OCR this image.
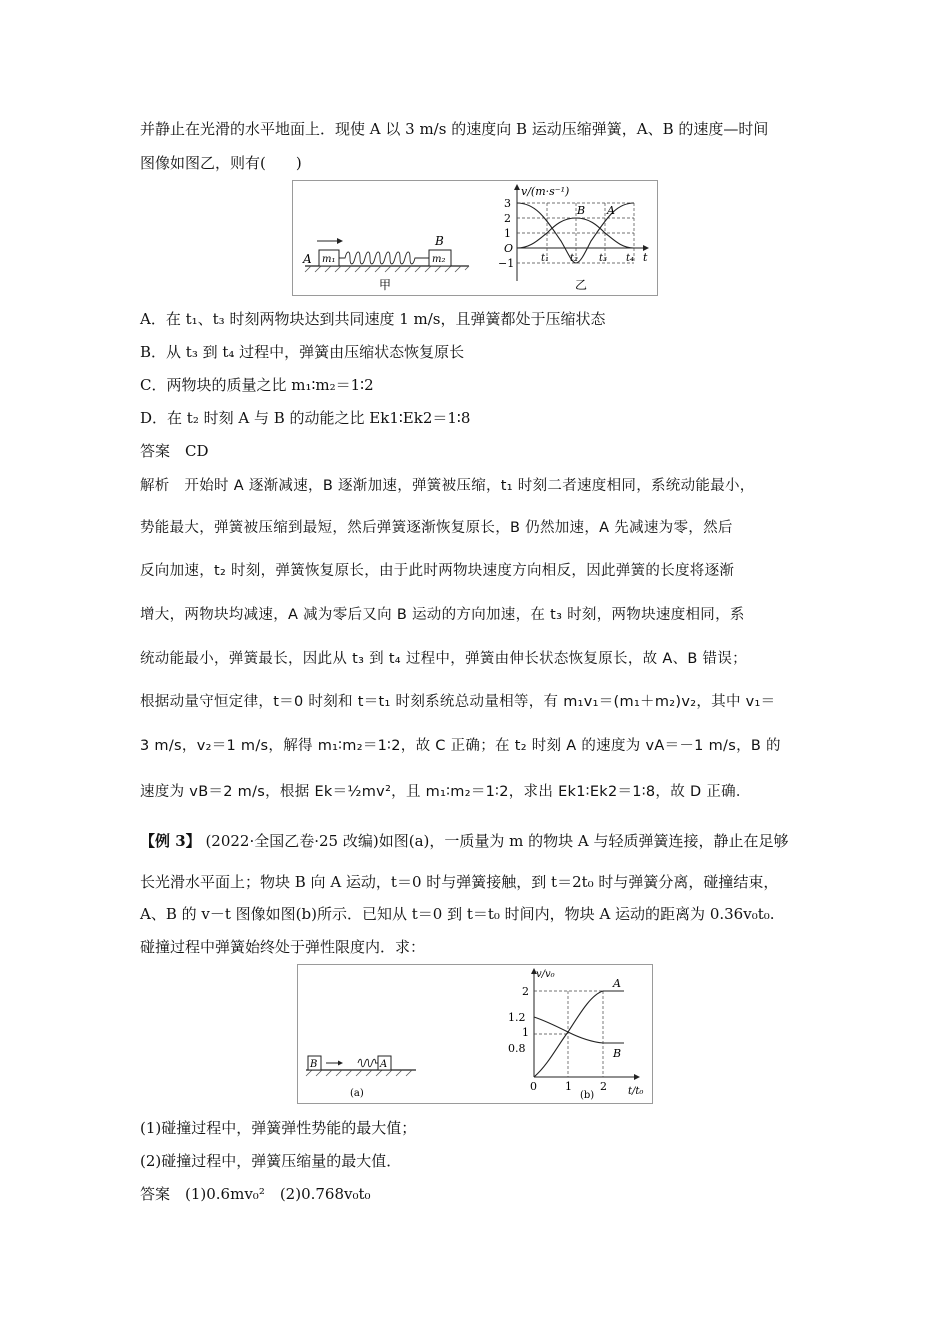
并静止在光滑的水平地面上．现使 A 以 3 m/s 的速度向 B 运动压缩弹簧，A、B 的速度—时间
图像如图乙，则有(　　)
A m₁	m₂
B
甲
v/(m·s⁻¹)
3
2
1
O
−1	t₁ t₂ t₃ t₄ t
B A
乙
A．在 t₁、t₃ 时刻两物块达到共同速度 1 m/s，且弹簧都处于压缩状态
B．从 t₃ 到 t₄ 过程中，弹簧由压缩状态恢复原长
C．两物块的质量之比 m₁∶m₂＝1∶2
D．在 t₂ 时刻 A 与 B 的动能之比 Ek1∶Ek2＝1∶8
答案　CD
解析　开始时 A 逐渐减速，B 逐渐加速，弹簧被压缩，t₁ 时刻二者速度相同，系统动能最小，
势能最大，弹簧被压缩到最短，然后弹簧逐渐恢复原长，B 仍然加速，A 先减速为零，然后
反向加速，t₂ 时刻，弹簧恢复原长，由于此时两物块速度方向相反，因此弹簧的长度将逐渐
增大，两物块均减速，A 减为零后又向 B 运动的方向加速，在 t₃ 时刻，两物块速度相同，系
统动能最小，弹簧最长，因此从 t₃ 到 t₄ 过程中，弹簧由伸长状态恢复原长，故 A、B 错误；
根据动量守恒定律，t＝0 时刻和 t＝t₁ 时刻系统总动量相等，有 m₁v₁＝(m₁＋m₂)v₂，其中 v₁＝
3 m/s，v₂＝1 m/s，解得 m₁∶m₂＝1∶2，故 C 正确；在 t₂ 时刻 A 的速度为 vA＝－1 m/s，B 的
速度为 vB＝2 m/s，根据 Ek＝½mv²，且 m₁∶m₂＝1∶2，求出 Ek1∶Ek2＝1∶8，故 D 正确．
【例 3】 (2022·全国乙卷·25 改编)如图(a)，一质量为 m 的物块 A 与轻质弹簧连接，静止在足够
长光滑水平面上；物块 B 向 A 运动，t＝0 时与弹簧接触，到 t＝2t₀ 时与弹簧分离，碰撞结束，
A、B 的 v－t 图像如图(b)所示．已知从 t＝0 到 t＝t₀ 时间内，物块 A 运动的距离为 0.36v₀t₀.
碰撞过程中弹簧始终处于弹性限度内．求：
B	A
(a)
v/v₀
2
1.2
1
0.8
0	1	2 t/t₀
A
B
(b)
(1)碰撞过程中，弹簧弹性势能的最大值；
(2)碰撞过程中，弹簧压缩量的最大值．
答案　(1)0.6mv₀²　(2)0.768v₀t₀
